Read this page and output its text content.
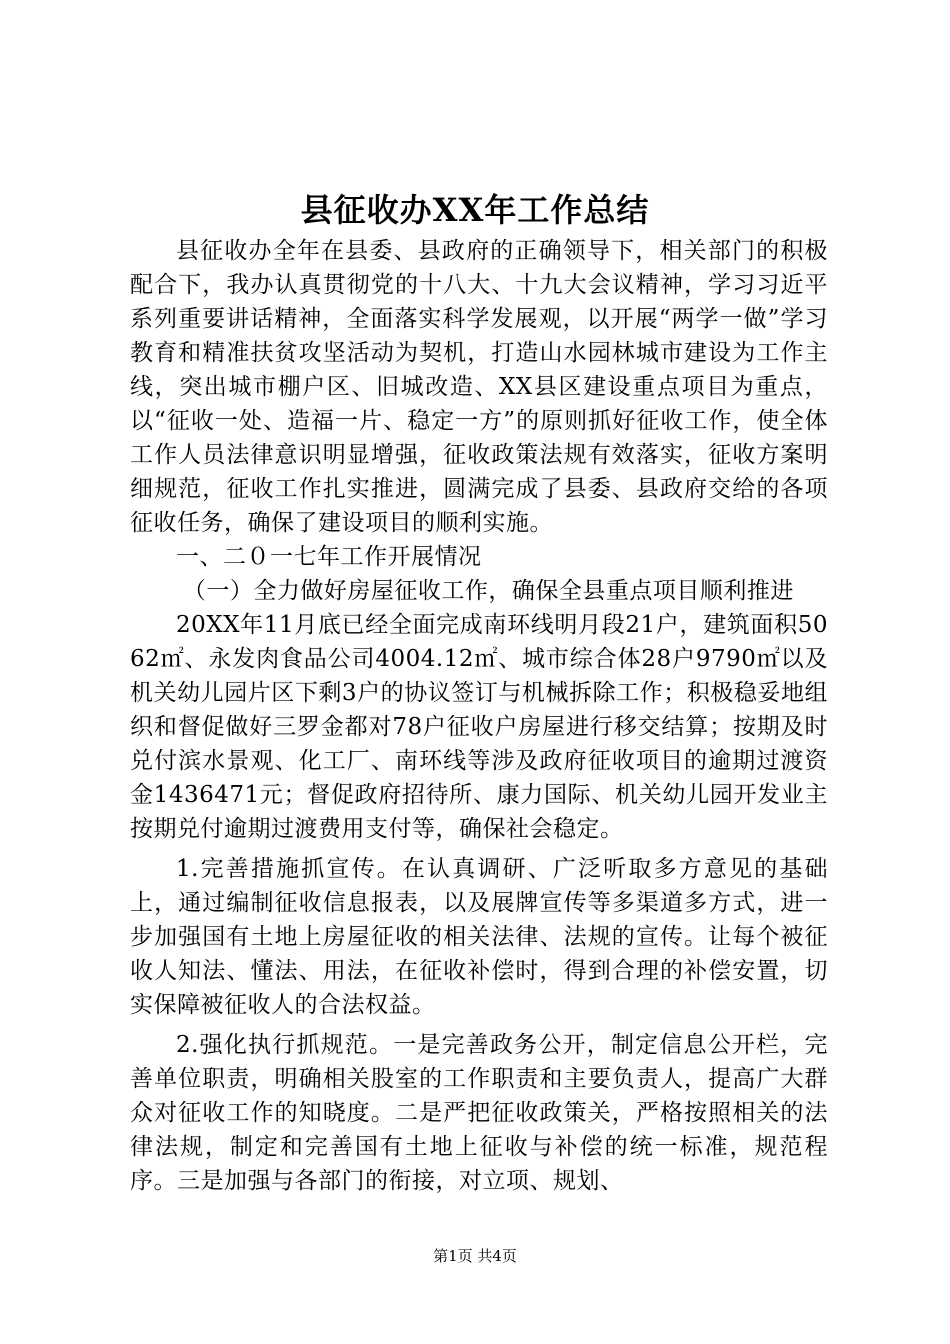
县征收办XX年工作总结

县征收办全年在县委、县政府的正确领导下，相关部门的积极配合下，我办认真贯彻党的十八大、十九大会议精神，学习习近平系列重要讲话精神，全面落实科学发展观，以开展“两学一做”学习教育和精准扶贫攻坚活动为契机，打造山水园林城市建设为工作主线，突出城市棚户区、旧城改造、XX县区建设重点项目为重点，以“征收一处、造福一片、稳定一方”的原则抓好征收工作，使全体工作人员法律意识明显增强，征收政策法规有效落实，征收方案明细规范，征收工作扎实推进，圆满完成了县委、县政府交给的各项征收任务，确保了建设项目的顺利实施。

一、二０一七年工作开展情况

（一）全力做好房屋征收工作，确保全县重点项目顺利推进

20XX年11月底已经全面完成南环线明月段21户，建筑面积5062㎡、永发肉食品公司4004.12㎡、城市综合体28户9790㎡以及机关幼儿园片区下剩3户的协议签订与机械拆除工作；积极稳妥地组织和督促做好三罗金都对78户征收户房屋进行移交结算；按期及时兑付滨水景观、化工厂、南环线等涉及政府征收项目的逾期过渡资金1436471元；督促政府招待所、康力国际、机关幼儿园开发业主按期兑付逾期过渡费用支付等，确保社会稳定。

1.完善措施抓宣传。在认真调研、广泛听取多方意见的基础上，通过编制征收信息报表，以及展牌宣传等多渠道多方式，进一步加强国有土地上房屋征收的相关法律、法规的宣传。让每个被征收人知法、懂法、用法，在征收补偿时，得到合理的补偿安置，切实保障被征收人的合法权益。

2.强化执行抓规范。一是完善政务公开，制定信息公开栏，完善单位职责，明确相关股室的工作职责和主要负责人，提高广大群众对征收工作的知晓度。二是严把征收政策关，严格按照相关的法律法规，制定和完善国有土地上征收与补偿的统一标准，规范程序。三是加强与各部门的衔接，对立项、规划、

第1页 共4页
